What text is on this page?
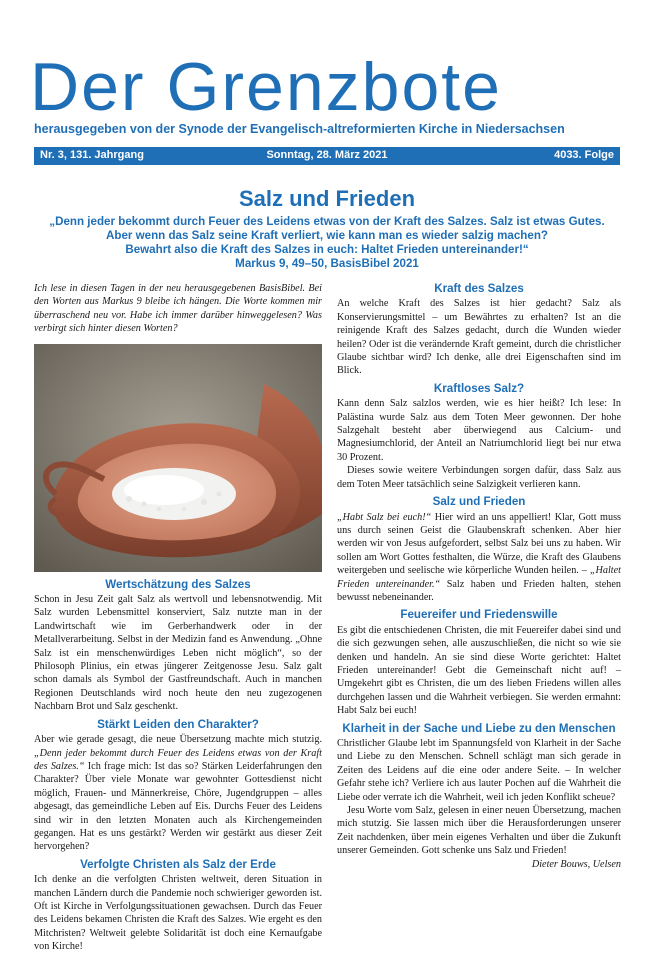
Der Grenzbote
herausgegeben von der Synode der Evangelisch-altreformierten Kirche in Niedersachsen
Sonntag, 28. März 2021
Nr. 3, 131. Jahrgang	4033. Folge
Salz und Frieden
„Denn jeder bekommt durch Feuer des Leidens etwas von der Kraft des Salzes. Salz ist etwas Gutes.
Aber wenn das Salz seine Kraft verliert, wie kann man es wieder salzig machen?
Bewahrt also die Kraft des Salzes in euch: Haltet Frieden untereinander!“
Markus 9, 49–50, BasisBibel 2021

Ich lese in diesen Tagen in der neu herausgegebenen BasisBibel. Bei den Worten aus Markus 9 bleibe ich hängen. Die Worte kommen mir überraschend neu vor. Habe ich immer darüber hinweggelesen? Was verbirgt sich hinter diesen Worten?

Wertschätzung des Salzes

Schon in Jesu Zeit galt Salz als wertvoll und lebensnotwendig. Mit Salz wurden Lebensmittel konserviert, Salz nutzte man in der Landwirtschaft wie im Gerberhandwerk oder in der Metallverarbeitung. Selbst in der Medizin fand es Anwendung. „Ohne Salz ist ein menschenwürdiges Leben nicht möglich“, so der Philosoph Plinius, ein etwas jüngerer Zeitgenosse Jesu. Salz galt schon damals als Symbol der Gastfreundschaft. Auch in manchen Regionen Deutschlands wird noch heute den neu zugezogenen Nachbarn Brot und Salz geschenkt.

Stärkt Leiden den Charakter?

Aber wie gerade gesagt, die neue Übersetzung machte mich stutzig. „Denn jeder bekommt durch Feuer des Leidens etwas von der Kraft des Salzes.“ Ich frage mich: Ist das so? Stärken Leiderfahrungen den Charakter? Über viele Monate war gewohnter Gottesdienst nicht möglich, Frauen- und Männerkreise, Chöre, Jugendgruppen – alles abgesagt, das gemeindliche Leben auf Eis. Durchs Feuer des Leidens sind wir in den letzten Monaten auch als Kirchengemeinden gegangen. Hat es uns gestärkt? Werden wir gestärkt aus dieser Zeit hervorgehen?

Verfolgte Christen als Salz der Erde

Ich denke an die verfolgten Christen weltweit, deren Situation in manchen Ländern durch die Pandemie noch schwieriger geworden ist. Oft ist Kirche in Verfolgungssituationen gewachsen. Durch das Feuer des Leidens bekamen Christen die Kraft des Salzes. Wie ergeht es den Mitchristen? Weltweit gelebte Solidarität ist doch eine Kernaufgabe von Kirche!

Kraft des Salzes

An welche Kraft des Salzes ist hier gedacht? Salz als Konservierungsmittel – um Bewährtes zu erhalten? Ist an die reinigende Kraft des Salzes gedacht, durch die Wunden wieder heilen? Oder ist die verändernde Kraft gemeint, durch die christlicher Glaube sichtbar wird? Ich denke, alle drei Eigenschaften sind im Blick.

Kraftloses Salz?

Kann denn Salz salzlos werden, wie es hier heißt? Ich lese: In Palästina wurde Salz aus dem Toten Meer gewonnen. Der hohe Salzgehalt besteht aber überwiegend aus Calcium- und Magnesiumchlorid, der Anteil an Natriumchlorid liegt bei nur etwa 30 Prozent.

Dieses sowie weitere Verbindungen sorgen dafür, dass Salz aus dem Toten Meer tatsächlich seine Salzigkeit verlieren kann.

Salz und Frieden

„Habt Salz bei euch!“ Hier wird an uns appelliert! Klar, Gott muss uns durch seinen Geist die Glaubenskraft schenken. Aber hier werden wir von Jesus aufgefordert, selbst Salz bei uns zu haben. Wir sollen am Wort Gottes festhalten, die Würze, die Kraft des Glaubens weitergeben und seelische wie körperliche Wunden heilen. – „Haltet Frieden untereinander.“ Salz haben und Frieden halten, stehen bewusst nebeneinander.

Feuereifer und Friedenswille

Es gibt die entschiedenen Christen, die mit Feuereifer dabei sind und die sich gezwungen sehen, alle auszuschließen, die nicht so wie sie denken und handeln. An sie sind diese Worte gerichtet: Haltet Frieden untereinander! Gebt die Gemeinschaft nicht auf! – Umgekehrt gibt es Christen, die um des lieben Friedens willen alles durchgehen lassen und die Wahrheit verbiegen. Sie werden ermahnt: Habt Salz bei euch!

Klarheit in der Sache und Liebe zu den Menschen

Christlicher Glaube lebt im Spannungsfeld von Klarheit in der Sache und Liebe zu den Menschen. Schnell schlägt man sich gerade in Zeiten des Leidens auf die eine oder andere Seite. – In welcher Gefahr stehe ich? Verliere ich aus lauter Pochen auf die Wahrheit die Liebe oder verrate ich die Wahrheit, weil ich jeden Konflikt scheue?

Jesu Worte vom Salz, gelesen in einer neuen Übersetzung, machen mich stutzig. Sie lassen mich über die Herausforderungen unserer Zeit nachdenken, über mein eigenes Verhalten und über die Zukunft unserer Gemeinden. Gott schenke uns Salz und Frieden!
Dieter Bouws, Uelsen
